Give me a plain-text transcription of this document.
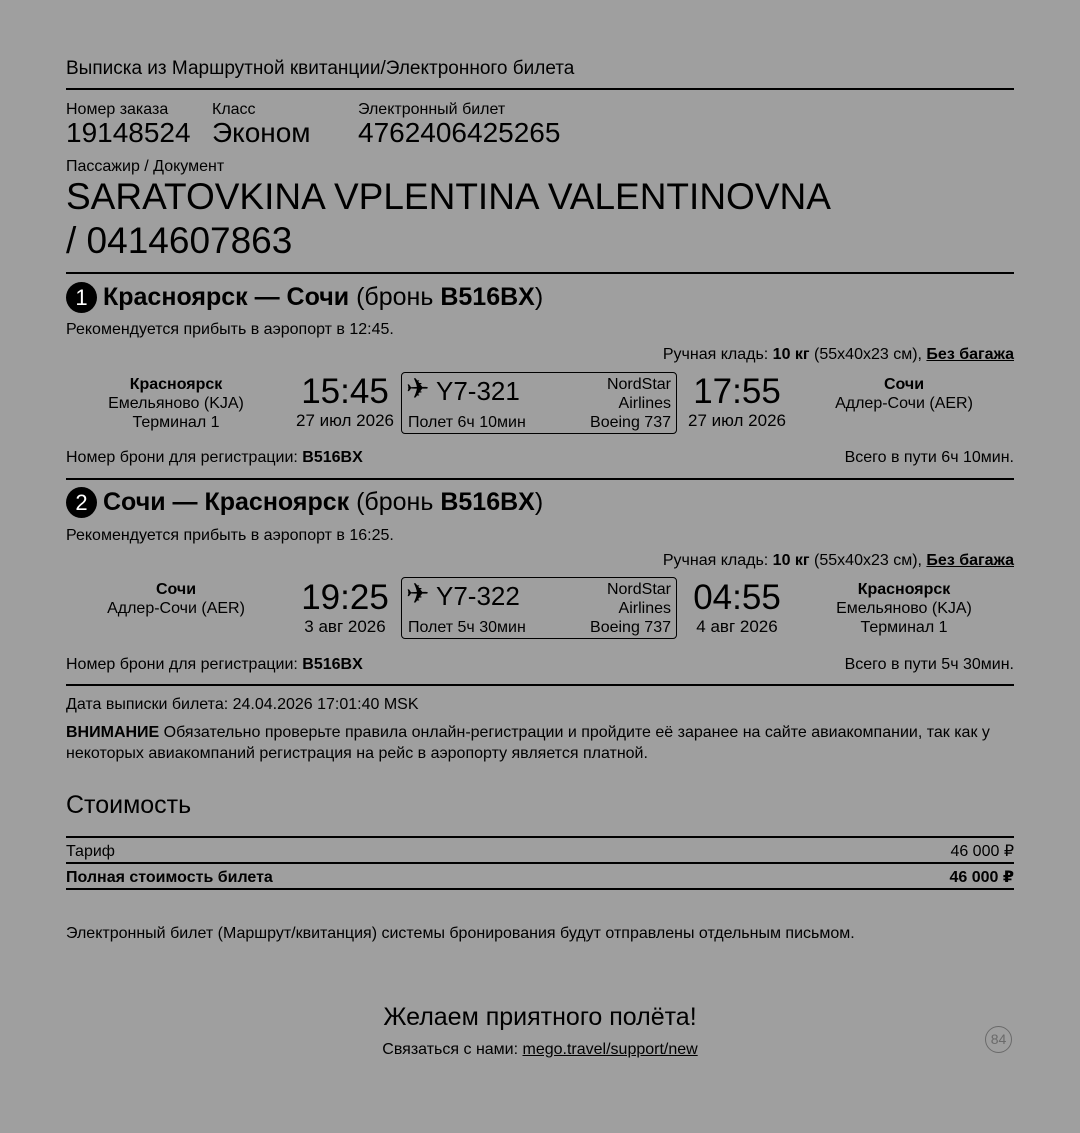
Выписка из Маршрутной квитанции/Электронного билета
Номер заказа
19148524
Класс
Эконом
Электронный билет
4762406425265
Пассажир / Документ
SARATOVKINA VPLENTINA VALENTINOVNA
/ 0414607863
1 Красноярск — Сочи (бронь B516BX)
Рекомендуется прибыть в аэропорт в 12:45.
Ручная кладь: 10 кг (55x40x23 см), Без багажа
Красноярск
Емельяново (KJA)
Терминал 1
15:45
27 июл 2026
✈ Y7-321	NordStar
Airlines
Полет 6ч 10мин	Boeing 737
17:55
27 июл 2026
Сочи
Адлер-Сочи (AER)
Номер брони для регистрации: B516BX	Всего в пути 6ч 10мин.
2 Сочи — Красноярск (бронь B516BX)
Рекомендуется прибыть в аэропорт в 16:25.
Ручная кладь: 10 кг (55x40x23 см), Без багажа
Сочи
Адлер-Сочи (AER)	19:25
3 авг 2026
✈ Y7-322	NordStar
Airlines
Полет 5ч 30мин	Boeing 737
04:55
4 авг 2026
Красноярск
Емельяново (KJA)
Терминал 1
Номер брони для регистрации: B516BX	Всего в пути 5ч 30мин.
Дата выписки билета: 24.04.2026 17:01:40 MSK
ВНИМАНИЕ Обязательно проверьте правила онлайн-регистрации и пройдите её заранее на сайте авиакомпании, так как у некоторых авиакомпаний регистрация на рейс в аэропорту является платной.
Стоимость
Тариф	46 000 ₽
Полная стоимость билета	46 000 ₽
Электронный билет (Маршрут/квитанция) системы бронирования будут отправлены отдельным письмом.
Желаем приятного полёта!
Связаться с нами: mego.travel/support/new
84
